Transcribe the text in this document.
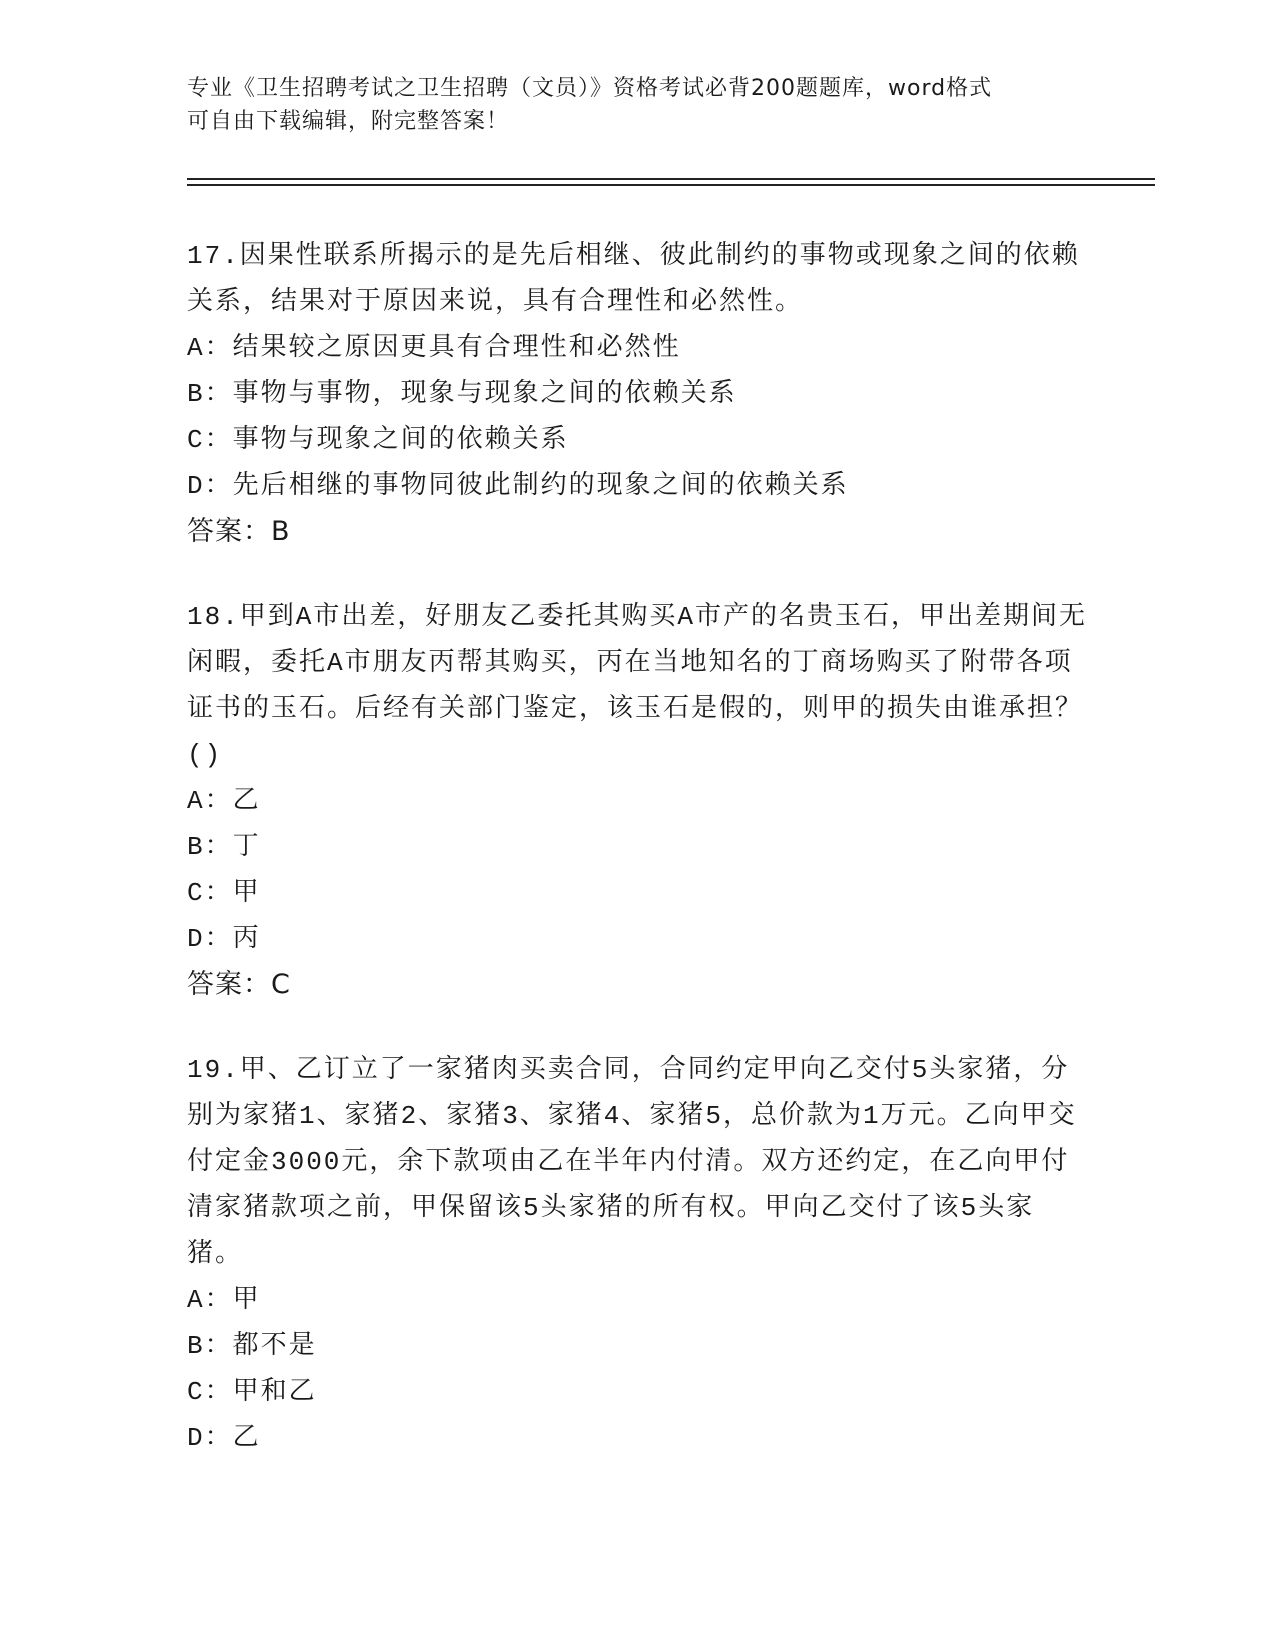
专业《卫生招聘考试之卫生招聘（文员）》资格考试必背200题题库，word格式
可自由下载编辑，附完整答案！
17.因果性联系所揭示的是先后相继、彼此制约的事物或现象之间的依赖关系，结果对于原因来说，具有合理性和必然性。
A：结果较之原因更具有合理性和必然性
B：事物与事物，现象与现象之间的依赖关系
C：事物与现象之间的依赖关系
D：先后相继的事物同彼此制约的现象之间的依赖关系
答案：B
18.甲到A市出差，好朋友乙委托其购买A市产的名贵玉石，甲出差期间无闲暇，委托A市朋友丙帮其购买，丙在当地知名的丁商场购买了附带各项证书的玉石。后经有关部门鉴定，该玉石是假的，则甲的损失由谁承担？()
A：乙
B：丁
C：甲
D：丙
答案：C
19.甲、乙订立了一家猪肉买卖合同，合同约定甲向乙交付5头家猪，分别为家猪1、家猪2、家猪3、家猪4、家猪5，总价款为1万元。乙向甲交付定金3000元，余下款项由乙在半年内付清。双方还约定，在乙向甲付清家猪款项之前，甲保留该5头家猪的所有权。甲向乙交付了该5头家猪。
A：甲
B：都不是
C：甲和乙
D：乙
